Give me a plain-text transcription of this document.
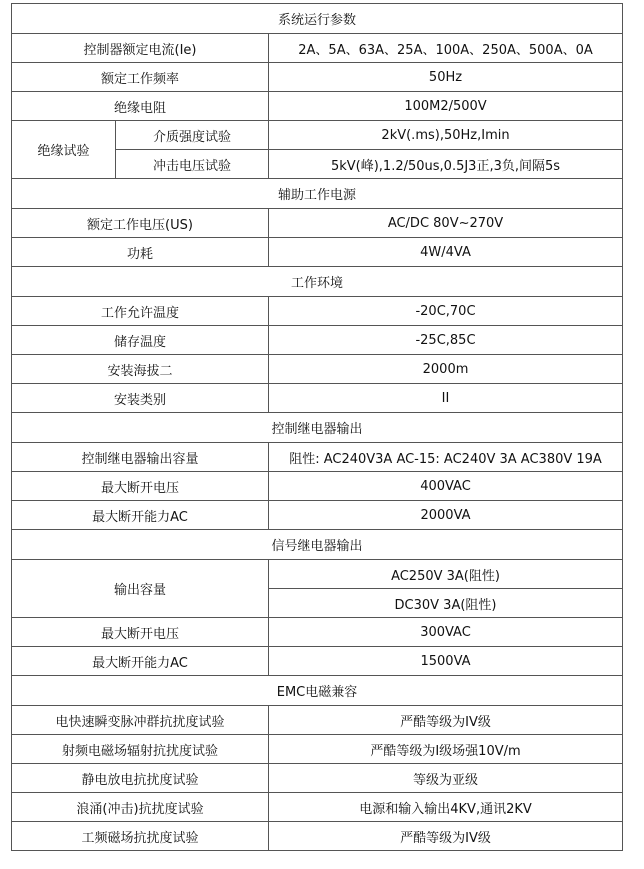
系统运行参数		
控制器额定电流(Ie)		2A、5A、63A、25A、100A、250A、500A、0A
额定工作频率		50Hz
绝缘电阻		100M2/500V
绝缘试验	介质强度试验	2kV(.ms),50Hz,Imin
	冲击电压试验	5kV(峰),1.2/50us,0.5J3正,3负,间隔5s
辅助工作电源		
额定工作电压(US)		AC/DC 80V~270V
功耗		4W/4VA
工作环境		
工作允许温度		-20C,70C
储存温度		-25C,85C
安装海拔二		2000m
安装类别		II
控制继电器输出		
控制继电器输出容量		阻性: AC240V3A AC-15: AC240V 3A AC380V 19A
最大断开电压		400VAC
最大断开能力AC		2000VA
信号继电器输出		
输出容量		AC250V 3A(阻性)
		DC30V 3A(阻性)
最大断开电压		300VAC
最大断开能力AC		1500VA
EMC电磁兼容		
电快速瞬变脉冲群抗扰度试验		严酷等级为IV级
射频电磁场辐射抗扰度试验		严酷等级为I级场强10V/m
静电放电抗扰度试验		等级为亚级
浪涌(冲击)抗扰度试验		电源和输入输出4KV,通讯2KV
工频磁场抗扰度试验		严酷等级为IV级
